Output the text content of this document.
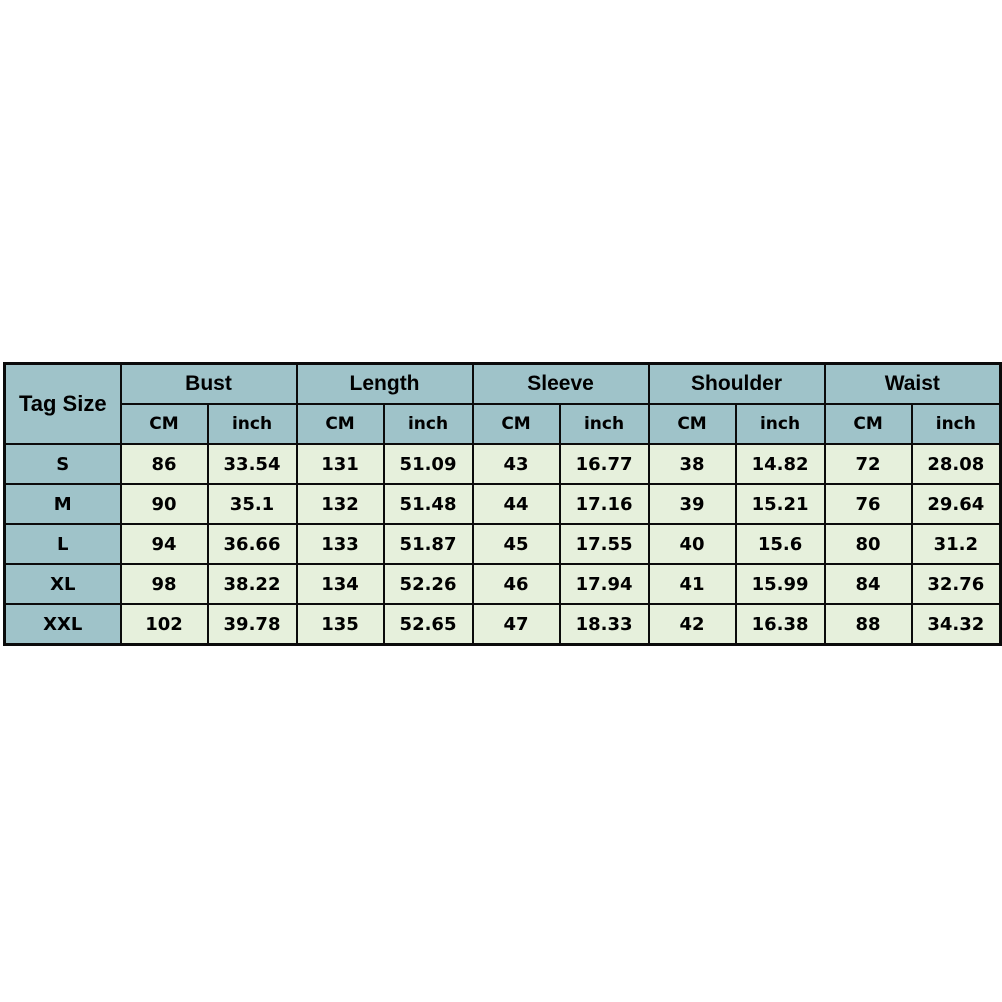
Tag Size	Bust		Length		Sleeve		Shoulder		Waist	
	CM	inch	CM	inch	CM	inch	CM	inch	CM	inch
S	86	33.54	131	51.09	43	16.77	38	14.82	72	28.08
M	90	35.1	132	51.48	44	17.16	39	15.21	76	29.64
L	94	36.66	133	51.87	45	17.55	40	15.6	80	31.2
XL	98	38.22	134	52.26	46	17.94	41	15.99	84	32.76
XXL	102	39.78	135	52.65	47	18.33	42	16.38	88	34.32
